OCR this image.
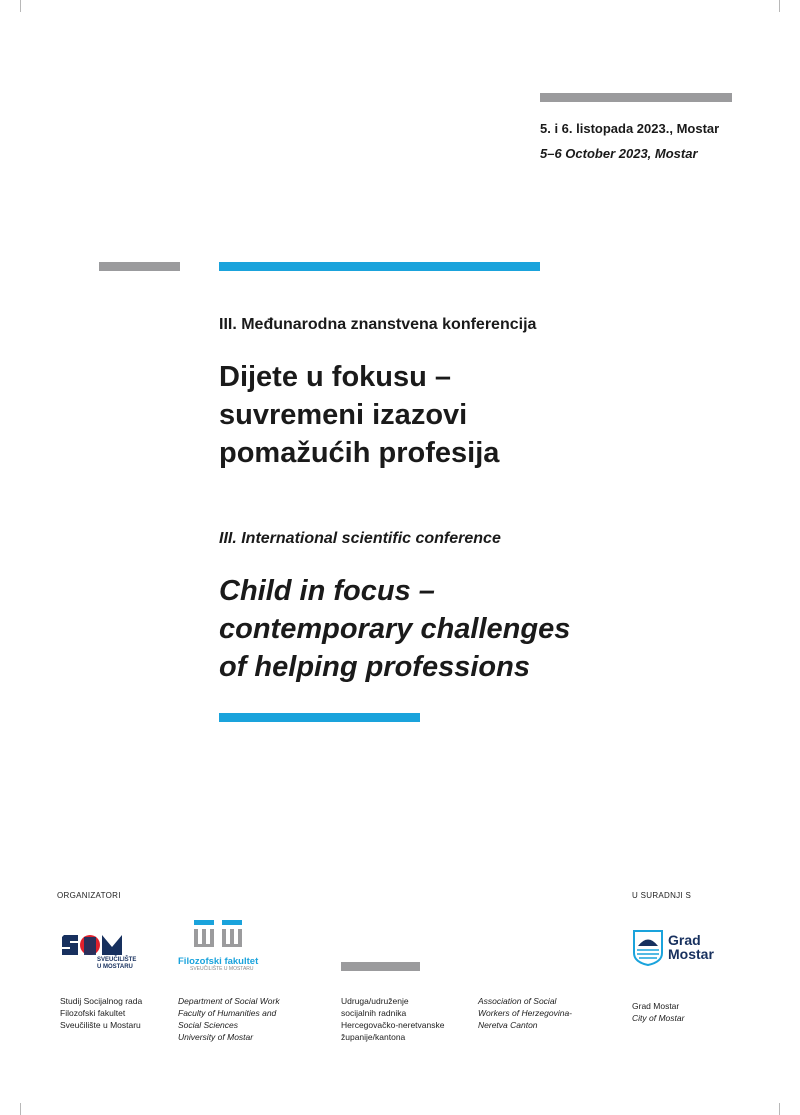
5. i 6. listopada 2023., Mostar
5–6 October 2023, Mostar
III. Međunarodna znanstvena konferencija
Dijete u fokusu –
suvremeni izazovi
pomažućih profesija
III. International scientific conference
Child in focus –
contemporary challenges
of helping professions
ORGANIZATORI	U SURADNJI S
SVEUČILIŠTE
U MOSTARU	Filozofski fakultet
SVEUČILIŠTE U MOSTARU
Grad
Mostar
Studij Socijalnog rada
Filozofski fakultet
Sveučilište u Mostaru
Department of Social Work
Faculty of Humanities and
Social Sciences
University of Mostar
Udruga/udruženje
socijalnih radnika
Hercegovačko-neretvanske
županije/kantona
Association of Social
Workers of Herzegovina-
Neretva Canton
Grad Mostar
City of Mostar
